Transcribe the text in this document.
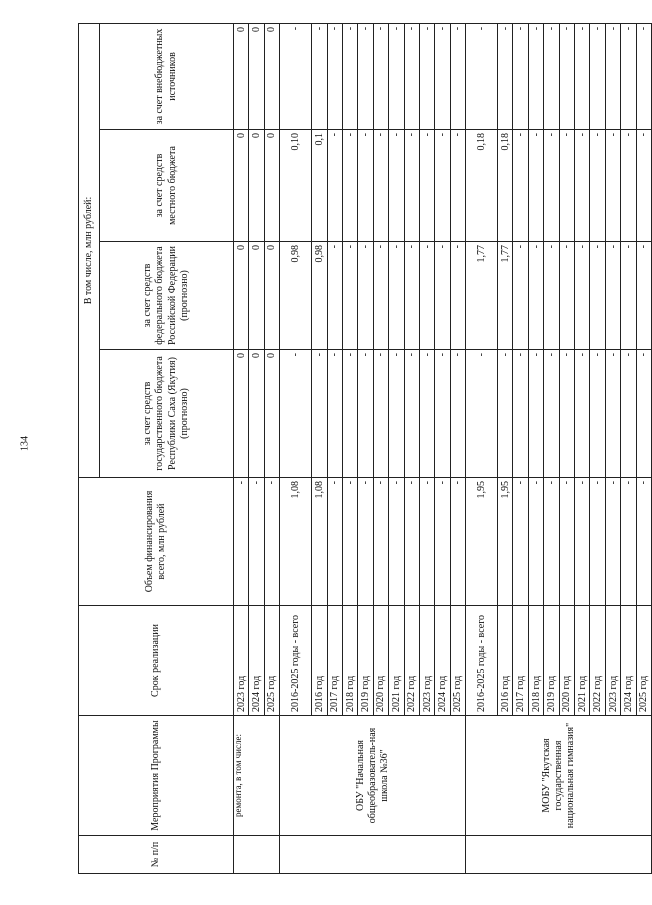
134
№ п/п	Мероприятия Программы	Срок реализации	Объем финансирования всего, млн рублей	В том числе, млн рублей:			
				за счет средств государственного бюджета Республики Саха (Якутия) (прогнозно)	за счет средств федерального бюджета Российской Федерации (прогнозно)	за счет средств местного бюджета	за счет внебюджетных источников

	ремонта, в том числе:	2023 год	-	0	0	0	0
		2024 год	-	0	0	0	0
		2025 год	-	0	0	0	0
	ОБУ "Начальная общеобразователь-ная школа №36"	2016-2025 годы - всего	1,08	-	0,98	0,10	-
		2016 год	1,08	-	0,98	0,1	-
		2017 год	-	-	-	-	-
		2018 год	-	-	-	-	-
		2019 год	-	-	-	-	-
		2020 год	-	-	-	-	-
		2021 год	-	-	-	-	-
		2022 год	-	-	-	-	-
		2023 год	-	-	-	-	-
		2024 год	-	-	-	-	-
		2025 год	-	-	-	-	-
	МОБУ "Якутская государственная национальная гимназия"	2016-2025 годы - всего	1,95	-	1,77	0,18	-
		2016 год	1,95	-	1,77	0,18	-
		2017 год	-	-	-	-	-
		2018 год	-	-	-	-	-
		2019 год	-	-	-	-	-
		2020 год	-	-	-	-	-
		2021 год	-	-	-	-	-
		2022 год	-	-	-	-	-
		2023 год	-	-	-	-	-
		2024 год	-	-	-	-	-
		2025 год	-	-	-	-	-
